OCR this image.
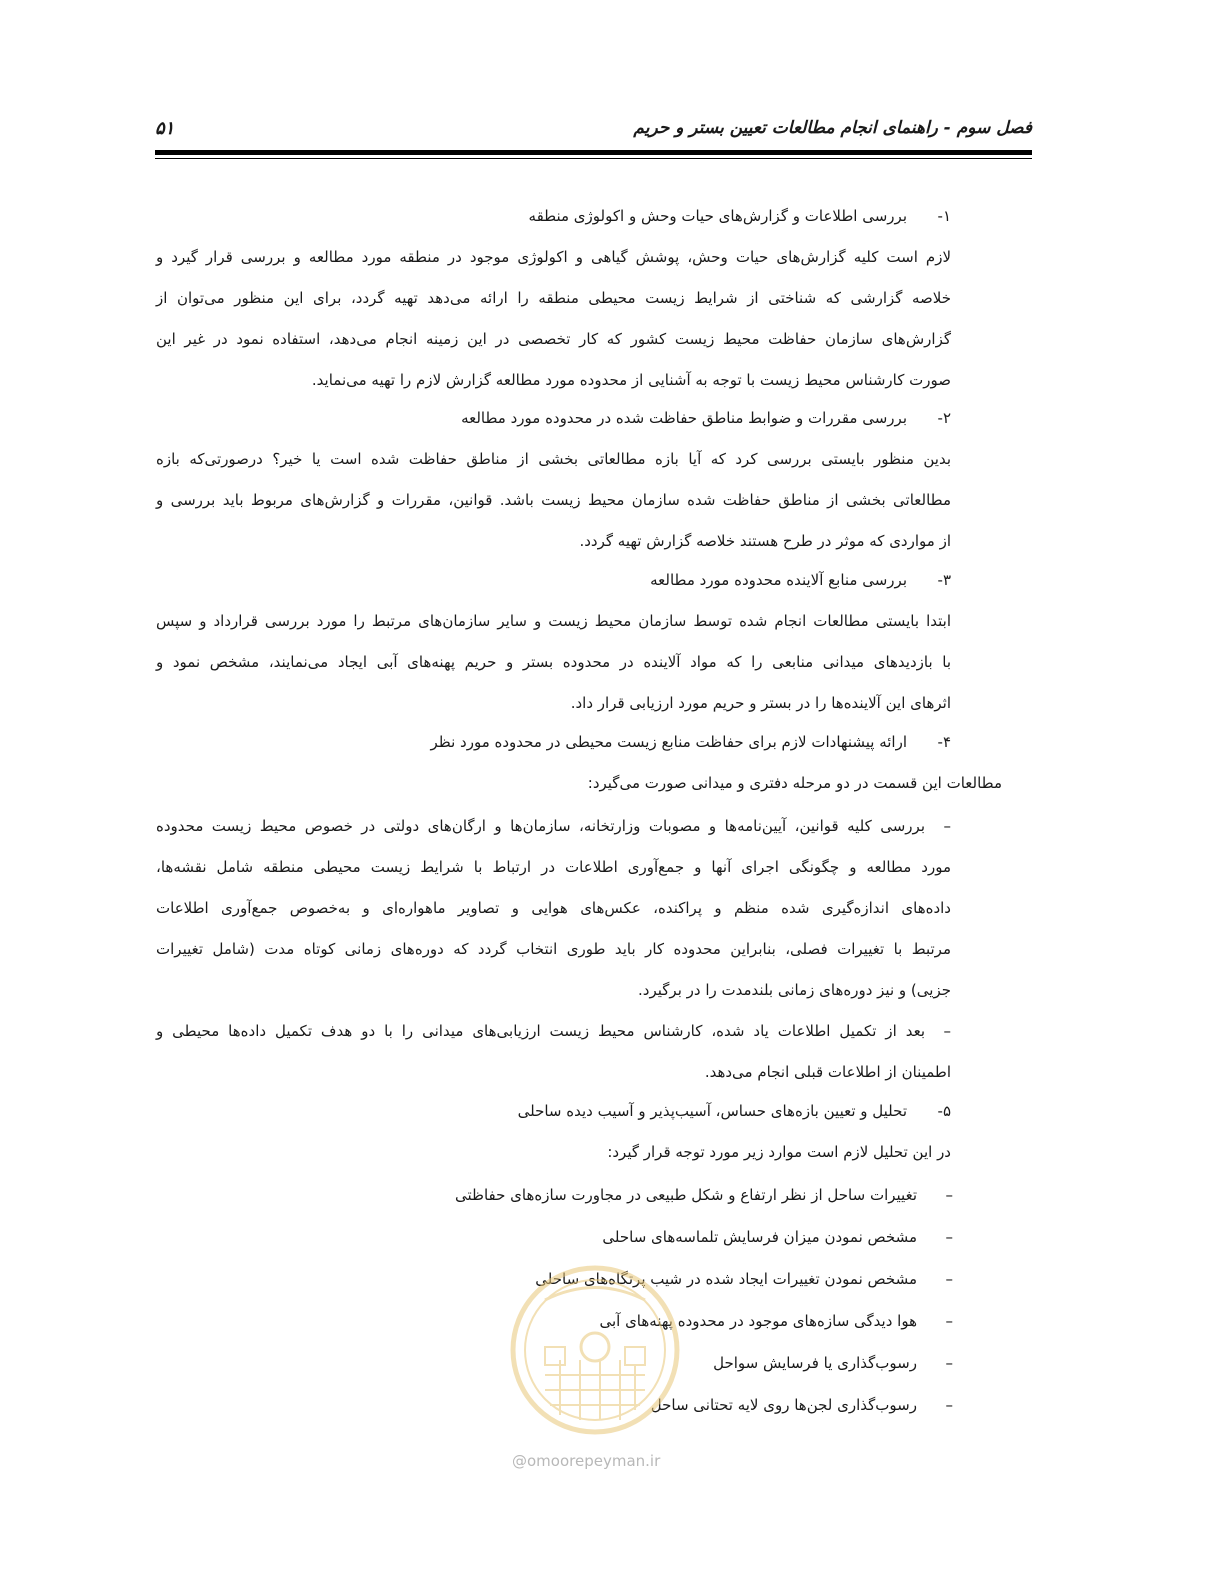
فصل سوم - راهنمای انجام مطالعات تعیین بستر و حریم
۵۱
۱-بررسی اطلاعات و گزارش‌های حیات وحش و اکولوژی منطقه
لازم است کلیه گزارش‌های حیات وحش، پوشش گیاهی و اکولوژی موجود در منطقه مورد مطالعه و بررسی قرار گیرد و
خلاصه گزارشی که شناختی از شرایط زیست محیطی منطقه را ارائه می‌دهد تهیه گردد، برای این منظور می‌توان از
گزارش‌های سازمان حفاظت محیط زیست کشور که کار تخصصی در این زمینه انجام می‌دهد، استفاده نمود در غیر این
صورت کارشناس محیط زیست با توجه به آشنایی از محدوده مورد مطالعه گزارش لازم را تهیه می‌نماید.
۲-بررسی مقررات و ضوابط مناطق حفاظت شده در محدوده مورد مطالعه
بدین منظور بایستی بررسی کرد که آیا بازه مطالعاتی بخشی از مناطق حفاظت شده است یا خیر؟ درصورتی‌که بازه
مطالعاتی بخشی از مناطق حفاظت شده سازمان محیط زیست باشد. قوانین، مقررات و گزارش‌های مربوط باید بررسی و
از مواردی که موثر در طرح هستند خلاصه گزارش تهیه گردد.
۳-بررسی منابع آلاینده محدوده مورد مطالعه
ابتدا بایستی مطالعات انجام شده توسط سازمان محیط زیست و سایر سازمان‌های مرتبط را مورد بررسی قرارداد و سپس
با بازدیدهای میدانی منابعی را که مواد آلاینده در محدوده بستر و حریم پهنه‌های آبی ایجاد می‌نمایند، مشخص نمود و
اثرهای این آلاینده‌ها را در بستر و حریم مورد ارزیابی قرار داد.
۴-ارائه پیشنهادات لازم برای حفاظت منابع زیست محیطی در محدوده مورد نظر
مطالعات این قسمت در دو مرحله دفتری و میدانی صورت می‌گیرد:
–بررسی کلیه قوانین، آیین‌نامه‌ها و مصوبات وزارتخانه، سازمان‌ها و ارگان‌های دولتی در خصوص محیط زیست محدوده
مورد مطالعه و چگونگی اجرای آنها و جمع‌آوری اطلاعات در ارتباط با شرایط زیست محیطی منطقه شامل نقشه‌ها،
داده‌های اندازه‌گیری شده منظم و پراکنده، عکس‌های هوایی و تصاویر ماهواره‌ای و به‌خصوص جمع‌آوری اطلاعات
مرتبط با تغییرات فصلی، بنابراین محدوده کار باید طوری انتخاب گردد که دوره‌های زمانی کوتاه مدت (شامل تغییرات
جزیی) و نیز دوره‌های زمانی بلندمدت را در برگیرد.
–بعد از تکمیل اطلاعات یاد شده، کارشناس محیط زیست ارزیابی‌های میدانی را با دو هدف تکمیل داده‌ها محیطی و
اطمینان از اطلاعات قبلی انجام می‌دهد.
۵-تحلیل و تعیین بازه‌های حساس، آسیب‌پذیر و آسیب دیده ساحلی
در این تحلیل لازم است موارد زیر مورد توجه قرار گیرد:
–تغییرات ساحل از نظر ارتفاع و شکل طبیعی در مجاورت سازه‌های حفاظتی
–مشخص نمودن میزان فرسایش تلماسه‌های ساحلی
–مشخص نمودن تغییرات ایجاد شده در شیب پرتگاه‌های ساحلی
–هوا دیدگی سازه‌های موجود در محدوده پهنه‌های آبی
–رسوب‌گذاری یا فرسایش سواحل
–رسوب‌گذاری لجن‌ها روی لایه تحتانی ساحل
@omoorepeyman.ir
